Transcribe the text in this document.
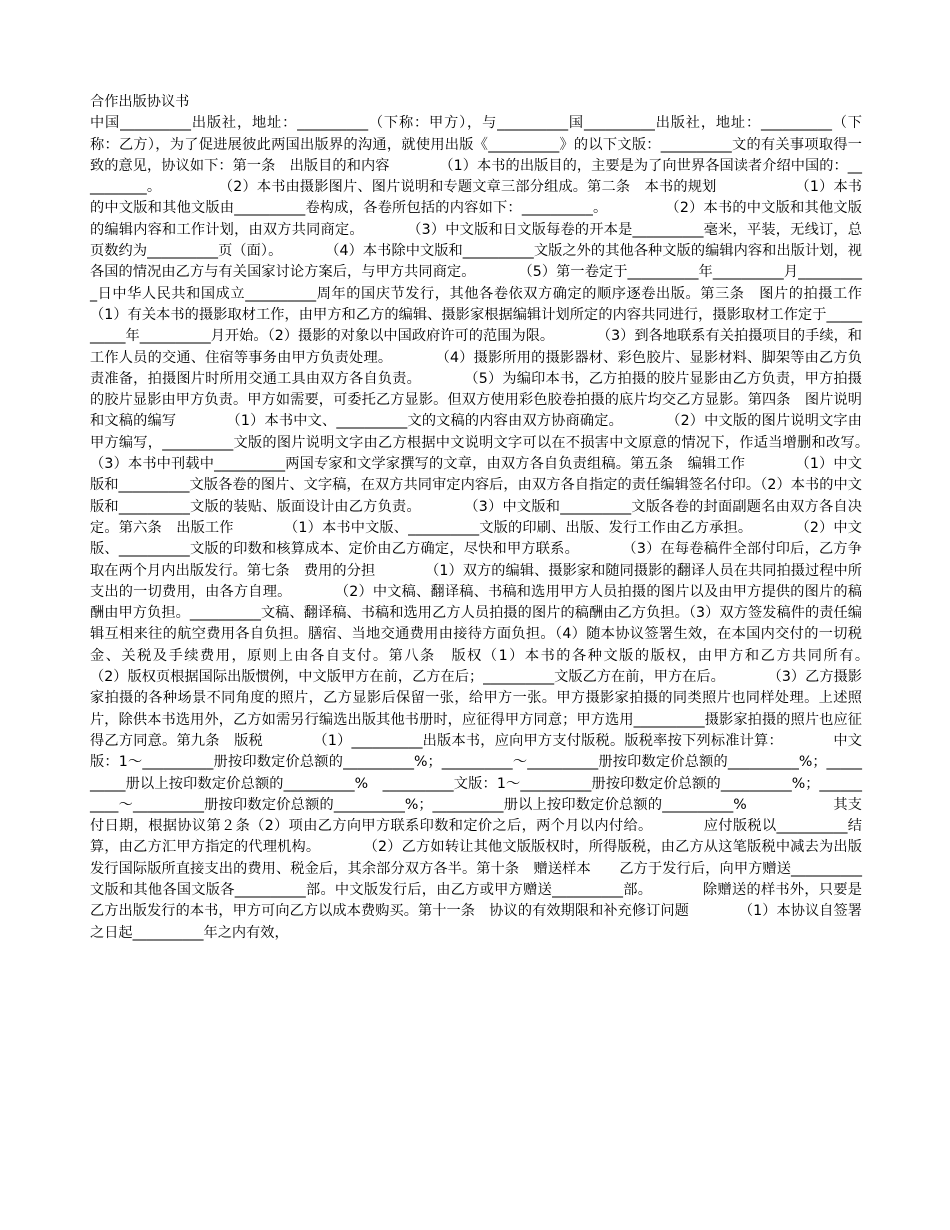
合作出版协议书
中国__________出版社，地址：__________（下称：甲方），与__________国__________出版社，地址：__________（下称：乙方），为了促进展彼此两国出版界的沟通，就使用出版《__________》的以下文版：__________文的有关事项取得一致的意见，协议如下：第一条　出版目的和内容　　　　（1）本书的出版目的，主要是为了向世界各国读者介绍中国的：__________。　　　　　（2）本书由摄影图片、图片说明和专题文章三部分组成。第二条　本书的规划　　　　　　（1）本书的中文版和其他文版由__________卷构成，各卷所包括的内容如下：__________。　　　　　（2）本书的中文版和其他文版的编辑内容和工作计划，由双方共同商定。　　　　（3）中文版和日文版每卷的开本是__________毫米，平装，无线订，总页数约为__________页（面）。　　　　（4）本书除中文版和__________文版之外的其他各种文版的编辑内容和出版计划，视各国的情况由乙方与有关国家讨论方案后，与甲方共同商定。　　　　（5）第一卷定于__________年__________月__________日中华人民共和国成立__________周年的国庆节发行，其他各卷依双方确定的顺序逐卷出版。第三条　图片的拍摄工作　　　　（1）有关本书的摄影取材工作，由甲方和乙方的编辑、摄影家根据编辑计划所定的内容共同进行，摄影取材工作定于__________年__________月开始。（2）摄影的对象以中国政府许可的范围为限。　　　　（3）到各地联系有关拍摄项目的手续，和工作人员的交通、住宿等事务由甲方负责处理。　　　　（4）摄影所用的摄影器材、彩色胶片、显影材料、脚架等由乙方负责准备，拍摄图片时所用交通工具由双方各自负责。　　　　（5）为编印本书，乙方拍摄的胶片显影由乙方负责，甲方拍摄的胶片显影由甲方负责。甲方如需要，可委托乙方显影。但双方使用彩色胶卷拍摄的底片均交乙方显影。第四条　图片说明和文稿的编写　　　　（1）本书中文、__________文的文稿的内容由双方协商确定。　　　　（2）中文版的图片说明文字由甲方编写，__________文版的图片说明文字由乙方根据中文说明文字可以在不损害中文原意的情况下，作适当增删和改写。　　　　（3）本书中刊载中__________两国专家和文学家撰写的文章，由双方各自负责组稿。第五条　编辑工作　　　　（1）中文版和__________文版各卷的图片、文字稿，在双方共同审定内容后，由双方各自指定的责任编辑签名付印。（2）本书的中文版和__________文版的装贴、版面设计由乙方负责。　　　　（3）中文版和__________文版各卷的封面副题名由双方各自决定。第六条　出版工作　　　　（1）本书中文版、__________文版的印刷、出版、发行工作由乙方承担。　　　　（2）中文版、__________文版的印数和核算成本、定价由乙方确定，尽快和甲方联系。　　　　（3）在每卷稿件全部付印后，乙方争取在两个月内出版发行。第七条　费用的分担　　　　（1）双方的编辑、摄影家和随同摄影的翻译人员在共同拍摄过程中所支出的一切费用，由各方自理。　　　　（2）中文稿、翻译稿、书稿和选用甲方人员拍摄的图片以及由甲方提供的图片的稿酬由甲方负担。__________文稿、翻译稿、书稿和选用乙方人员拍摄的图片的稿酬由乙方负担。（3）双方签发稿件的责任编辑互相来往的航空费用各自负担。膳宿、当地交通费用由接待方面负担。（4）随本协议签署生效，在本国内交付的一切税金、关税及手续费用，原则上由各自支付。第八条　版权（1）本书的各种文版的版权，由甲方和乙方共同所有。　　　　（2）版权页根据国际出版惯例，中文版甲方在前，乙方在后；__________文版乙方在前，甲方在后。　　　　（3）乙方摄影家拍摄的各种场景不同角度的照片，乙方显影后保留一张，给甲方一张。甲方摄影家拍摄的同类照片也同样处理。上述照片，除供本书选用外，乙方如需另行编选出版其他书册时，应征得甲方同意；甲方选用__________摄影家拍摄的照片也应征得乙方同意。第九条　版税　　　　（1）__________出版本书，应向甲方支付版税。版税率按下列标准计算：　　　　中文版：1～__________册按印数定价总额的__________%；__________～__________册按印数定价总额的__________%；__________册以上按印数定价总额的__________%　__________文版：1～__________册按印数定价总额的__________%；__________～__________册按印数定价总额的__________%；__________册以上按印数定价总额的__________%　　　　　　其支付日期，根据协议第２条（2）项由乙方向甲方联系印数和定价之后，两个月以内付给。　　　　应付版税以__________结算，由乙方汇甲方指定的代理机构。　　　　（2）乙方如转让其他文版版权时，所得版税，由乙方从这笔版税中减去为出版发行国际版所直接支出的费用、税金后，其余部分双方各半。第十条　赠送样本　　乙方于发行后，向甲方赠送__________文版和其他各国文版各__________部。中文版发行后，由乙方或甲方赠送__________部。　　　　除赠送的样书外，只要是乙方出版发行的本书，甲方可向乙方以成本费购买。第十一条　协议的有效期限和补充修订问题　　　　（1）本协议自签署之日起__________年之内有效，
